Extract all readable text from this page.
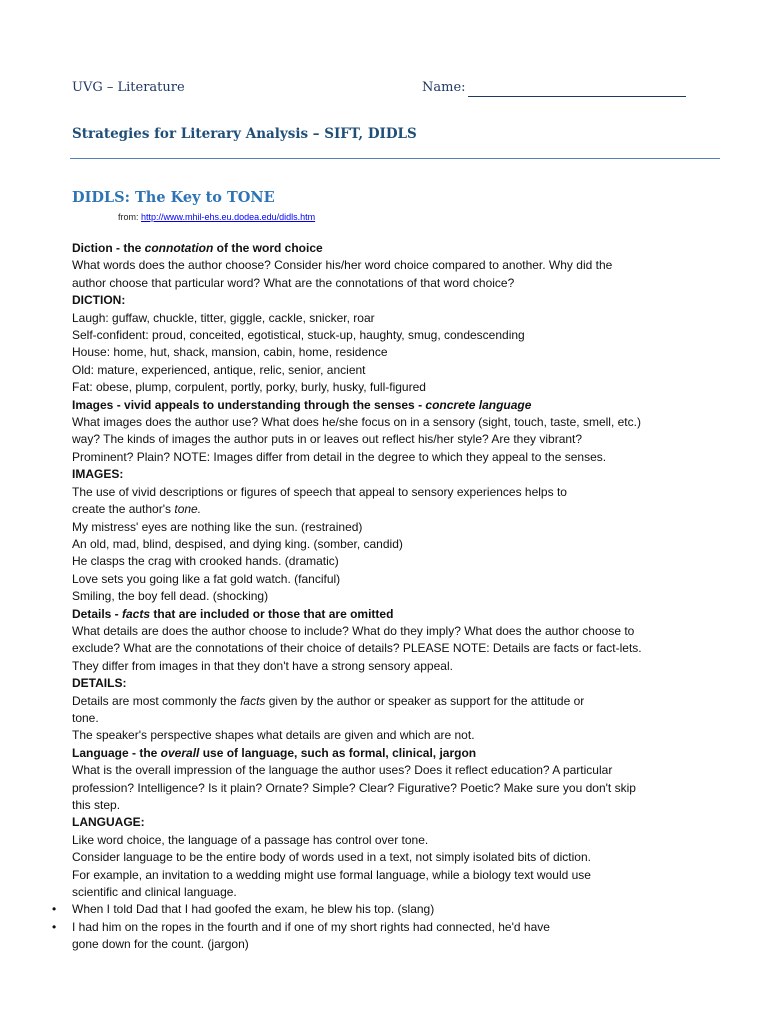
UVG – Literature	Name:
Strategies for Literary Analysis – SIFT, DIDLS
DIDLS: The Key to TONE
from: http://www.mhil-ehs.eu.dodea.edu/didls.htm

Diction - the connotation of the word choice

What words does the author choose? Consider his/her word choice compared to another. Why did the

author choose that particular word? What are the connotations of that word choice?

DICTION:

Laugh: guffaw, chuckle, titter, giggle, cackle, snicker, roar

Self-confident: proud, conceited, egotistical, stuck-up, haughty, smug, condescending

House: home, hut, shack, mansion, cabin, home, residence

Old: mature, experienced, antique, relic, senior, ancient

Fat: obese, plump, corpulent, portly, porky, burly, husky, full-figured

Images - vivid appeals to understanding through the senses - concrete language

What images does the author use? What does he/she focus on in a sensory (sight, touch, taste, smell, etc.)

way? The kinds of images the author puts in or leaves out reflect his/her style? Are they vibrant?

Prominent? Plain? NOTE: Images differ from detail in the degree to which they appeal to the senses.

IMAGES:

The use of vivid descriptions or figures of speech that appeal to sensory experiences helps to

create the author's tone.

My mistress' eyes are nothing like the sun. (restrained)

An old, mad, blind, despised, and dying king. (somber, candid)

He clasps the crag with crooked hands. (dramatic)

Love sets you going like a fat gold watch. (fanciful)

Smiling, the boy fell dead. (shocking)

Details - facts that are included or those that are omitted

What details are does the author choose to include? What do they imply? What does the author choose to

exclude? What are the connotations of their choice of details? PLEASE NOTE: Details are facts or fact-lets.

They differ from images in that they don't have a strong sensory appeal.

DETAILS:

Details are most commonly the facts given by the author or speaker as support for the attitude or

tone.

The speaker's perspective shapes what details are given and which are not.

Language - the overall use of language, such as formal, clinical, jargon

What is the overall impression of the language the author uses? Does it reflect education? A particular

profession? Intelligence? Is it plain? Ornate? Simple? Clear? Figurative? Poetic? Make sure you don't skip

this step.

LANGUAGE:

Like word choice, the language of a passage has control over tone.

Consider language to be the entire body of words used in a text, not simply isolated bits of diction.

For example, an invitation to a wedding might use formal language, while a biology text would use

scientific and clinical language.

• When I told Dad that I had goofed the exam, he blew his top. (slang)

• I had him on the ropes in the fourth and if one of my short rights had connected, he'd have

gone down for the count. (jargon)
